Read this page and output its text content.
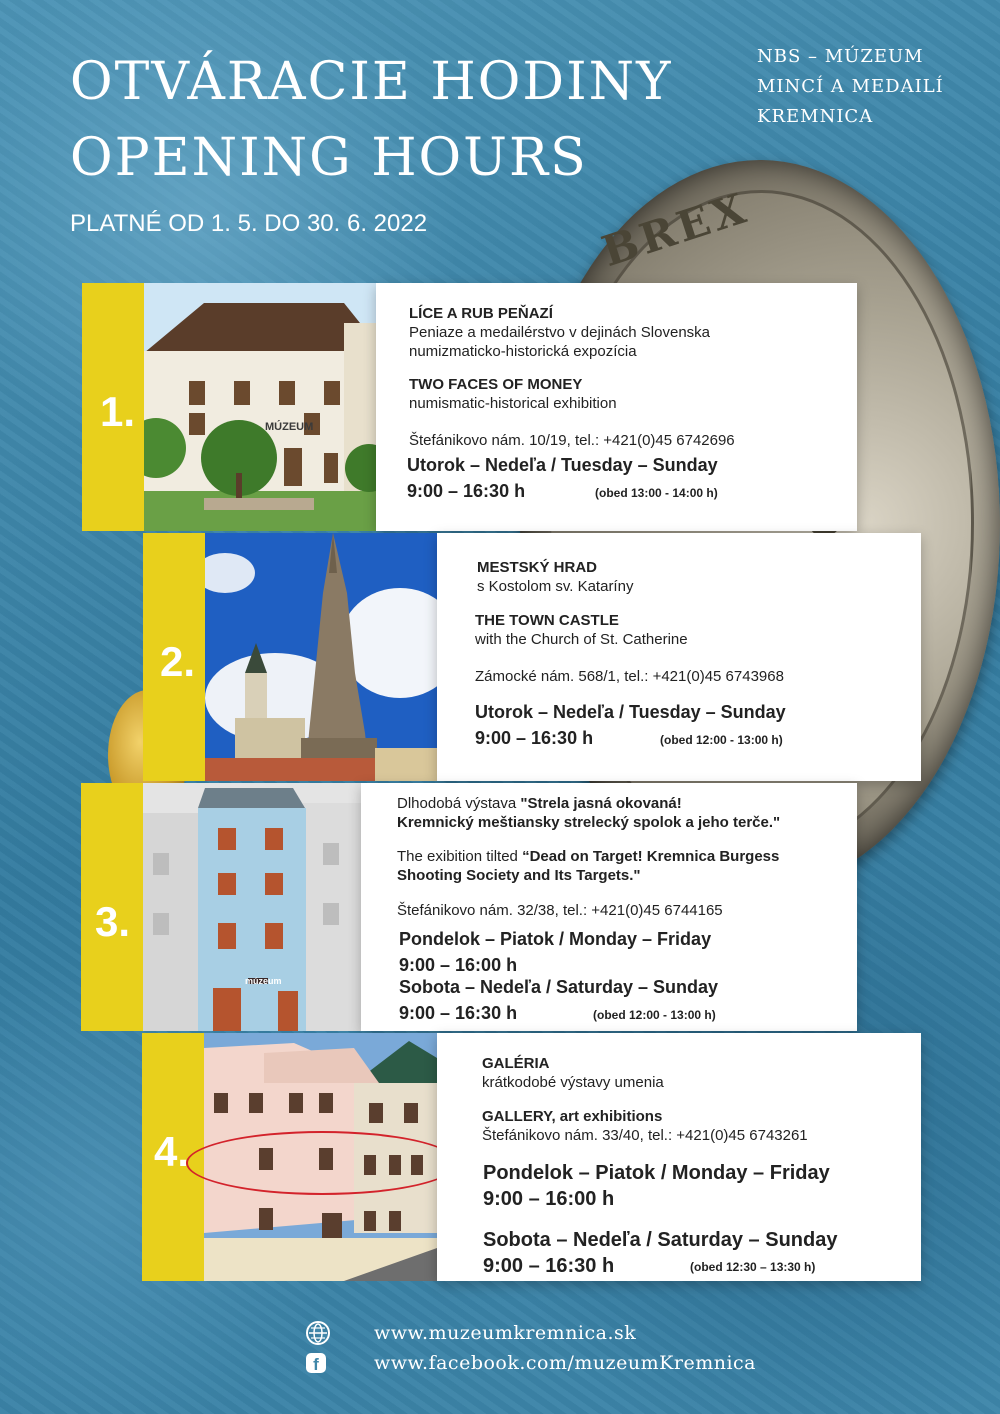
BREX
OTVÁRACIE HODINY
OPENING HOURS
PLATNÉ OD 1. 5. DO 30. 6. 2022
NBS – MÚZEUM
MINCÍ A MEDAILÍ
KREMNICA
1.	MÚZEUM
LÍCE A RUB PEŇAZÍ
Peniaze a medailérstvo v dejinách Slovenska
numizmaticko-historická expozícia
TWO FACES OF MONEY
numismatic-historical exhibition
Štefánikovo nám. 10/19, tel.: +421(0)45 6742696
Utorok – Nedeľa / Tuesday – Sunday
9:00 – 16:30 h	(obed 13:00 - 14:00 h)
2.
MESTSKÝ HRAD
s Kostolom sv. Kataríny
THE TOWN CASTLE
with the Church of St. Catherine
Zámocké nám. 568/1, tel.: +421(0)45 6743968
Utorok – Nedeľa / Tuesday – Sunday
9:00 – 16:30 h	(obed 12:00 - 13:00 h)
3.
múzeum
Dlhodobá výstava "Strela jasná okovaná!
Kremnický meštiansky strelecký spolok a jeho terče."
The exibition tilted “Dead on Target! Kremnica Burgess
Shooting Society and Its Targets."
Štefánikovo nám. 32/38, tel.: +421(0)45 6744165
Pondelok – Piatok / Monday – Friday
9:00 – 16:00 h
Sobota – Nedeľa / Saturday – Sunday
9:00 – 16:30 h	(obed 12:00 - 13:00 h)
4.
GALÉRIA
krátkodobé výstavy umenia
GALLERY, art exhibitions
Štefánikovo nám. 33/40, tel.: +421(0)45 6743261
Pondelok – Piatok / Monday – Friday
9:00 – 16:00 h
Sobota – Nedeľa / Saturday – Sunday
9:00 – 16:30 h	(obed 12:30 – 13:30 h)
www.muzeumkremnica.sk
f	www.facebook.com/muzeumKremnica
